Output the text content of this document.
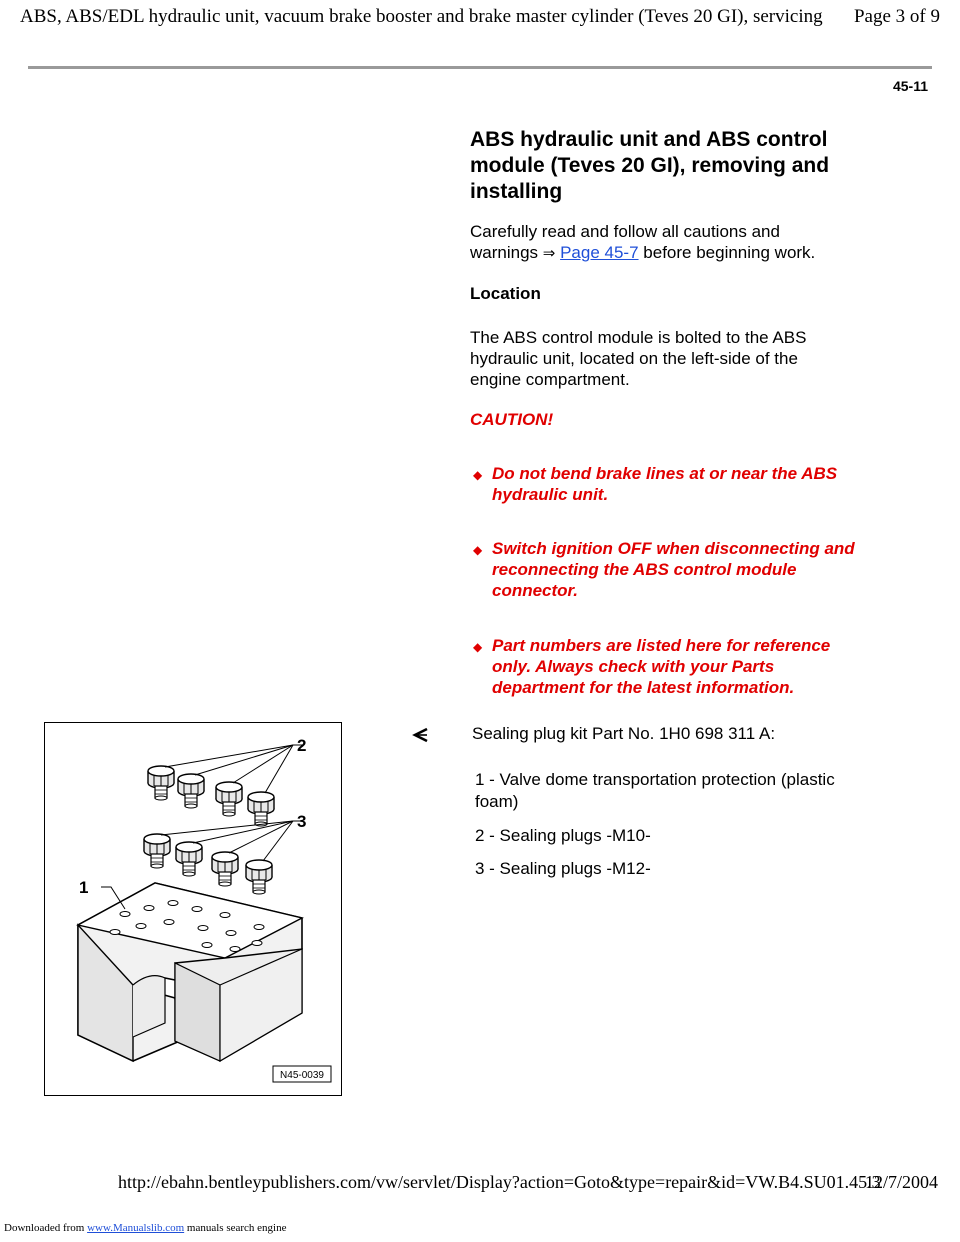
ABS, ABS/EDL hydraulic unit, vacuum brake booster and brake master cylinder (Teves 20 GI), servicing Page 3 of 9
45-11
ABS hydraulic unit and ABS control
module (Teves 20 GI), removing and
installing
Carefully read and follow all cautions and
warnings ⇒ Page 45-7 before beginning work.
Location
The ABS control module is bolted to the ABS
hydraulic unit, located on the left-side of the
engine compartment.
CAUTION!
◆ Do not bend brake lines at or near the ABS
hydraulic unit.
◆ Switch ignition OFF when disconnecting and
reconnecting the ABS control module
connector.
◆ Part numbers are listed here for reference
only. Always check with your Parts
department for the latest information.
1
2
3
N45-0039
Sealing plug kit Part No. 1H0 698 311 A:
1 - Valve dome transportation protection (plastic
foam)
2 - Sealing plugs -M10-
3 - Sealing plugs -M12-
http://ebahn.bentleypublishers.com/vw/servlet/Display?action=Goto&type=repair&id=VW.B4.SU01.45.3
12/7/2004
Downloaded from www.Manualslib.com manuals search engine
